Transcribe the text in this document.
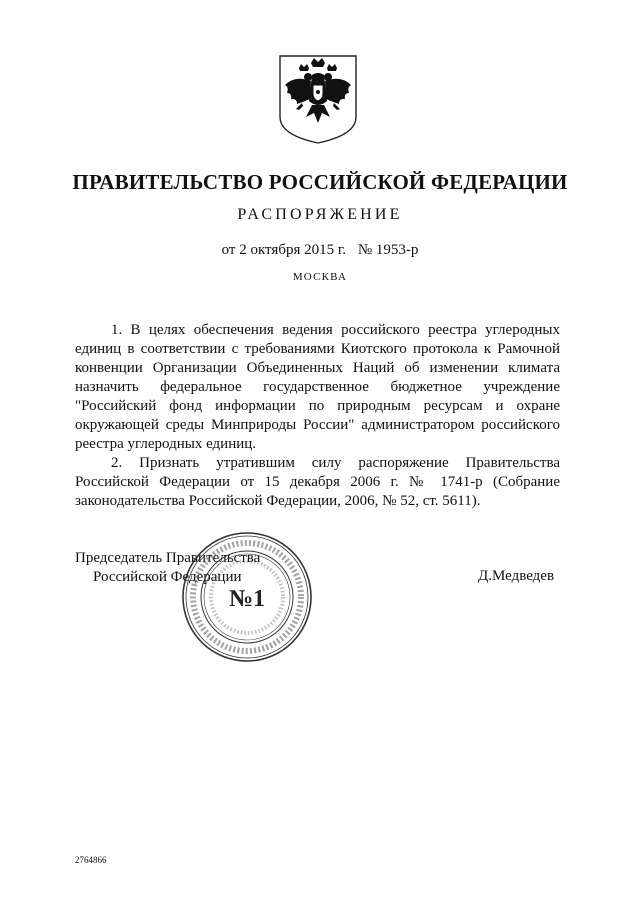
ПРАВИТЕЛЬСТВО РОССИЙСКОЙ ФЕДЕРАЦИИ
РАСПОРЯЖЕНИЕ
от 2 октября 2015 г. № 1953-р
МОСКВА

1. В целях обеспечения ведения российского реестра углеродных единиц в соответствии с требованиями Киотского протокола к Рамочной конвенции Организации Объединенных Наций об изменении климата назначить федеральное государственное бюджетное учреждение "Российский фонд информации по природным ресурсам и охране окружающей среды Минприроды России" администратором российского реестра углеродных единиц.

2. Признать утратившим силу распоряжение Правительства Российской Федерации от 15 декабря 2006 г. № 1741-р (Собрание законодательства Российской Федерации, 2006, № 52, ст. 5611).

Председатель Правительства
Российской Федерации	Д.Медведев
№1
2764866
